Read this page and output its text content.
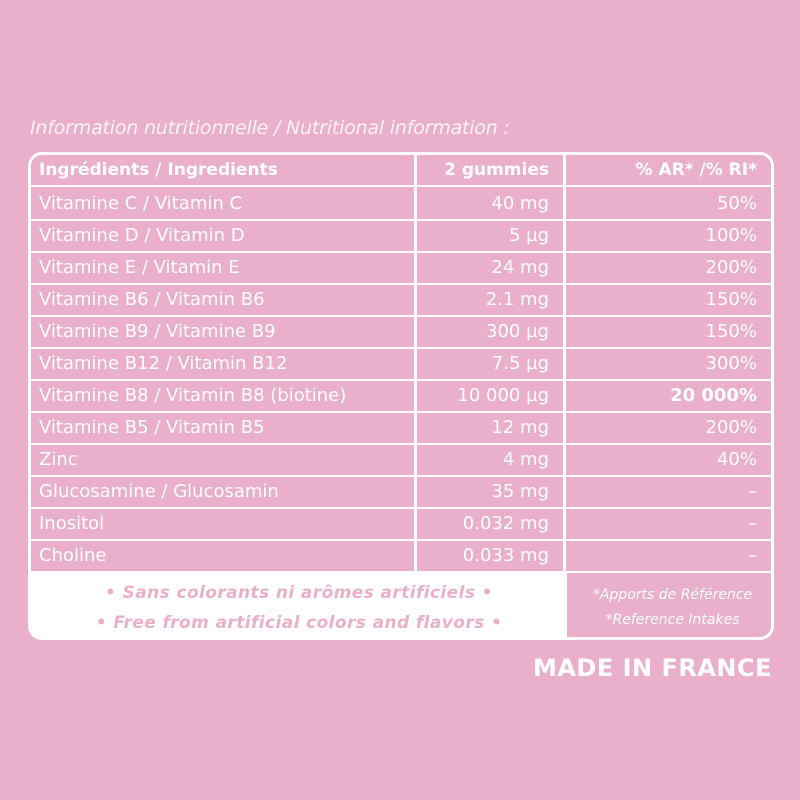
Information nutritionnelle / Nutritional information :
Ingrédients / Ingredients	2 gummies	% AR* /% RI*
Vitamine C / Vitamin C	40 mg	50%
Vitamine D / Vitamin D	5 µg	100%
Vitamine E / Vitamin E	24 mg	200%
Vitamine B6 / Vitamin B6	2.1 mg	150%
Vitamine B9 / Vitamine B9	300 µg	150%
Vitamine B12 / Vitamin B12	7.5 µg	300%
Vitamine B8 / Vitamin B8 (biotine)	10 000 µg	20 000%
Vitamine B5 / Vitamin B5	12 mg	200%
Zinc	4 mg	40%
Glucosamine / Glucosamin	35 mg	–
Inositol	0.032 mg	–
Choline	0.033 mg	–
• Sans colorants ni arômes artificiels •
• Free from artificial colors and flavors •
*Apports de Référence
*Reference Intakes
MADE IN FRANCE
